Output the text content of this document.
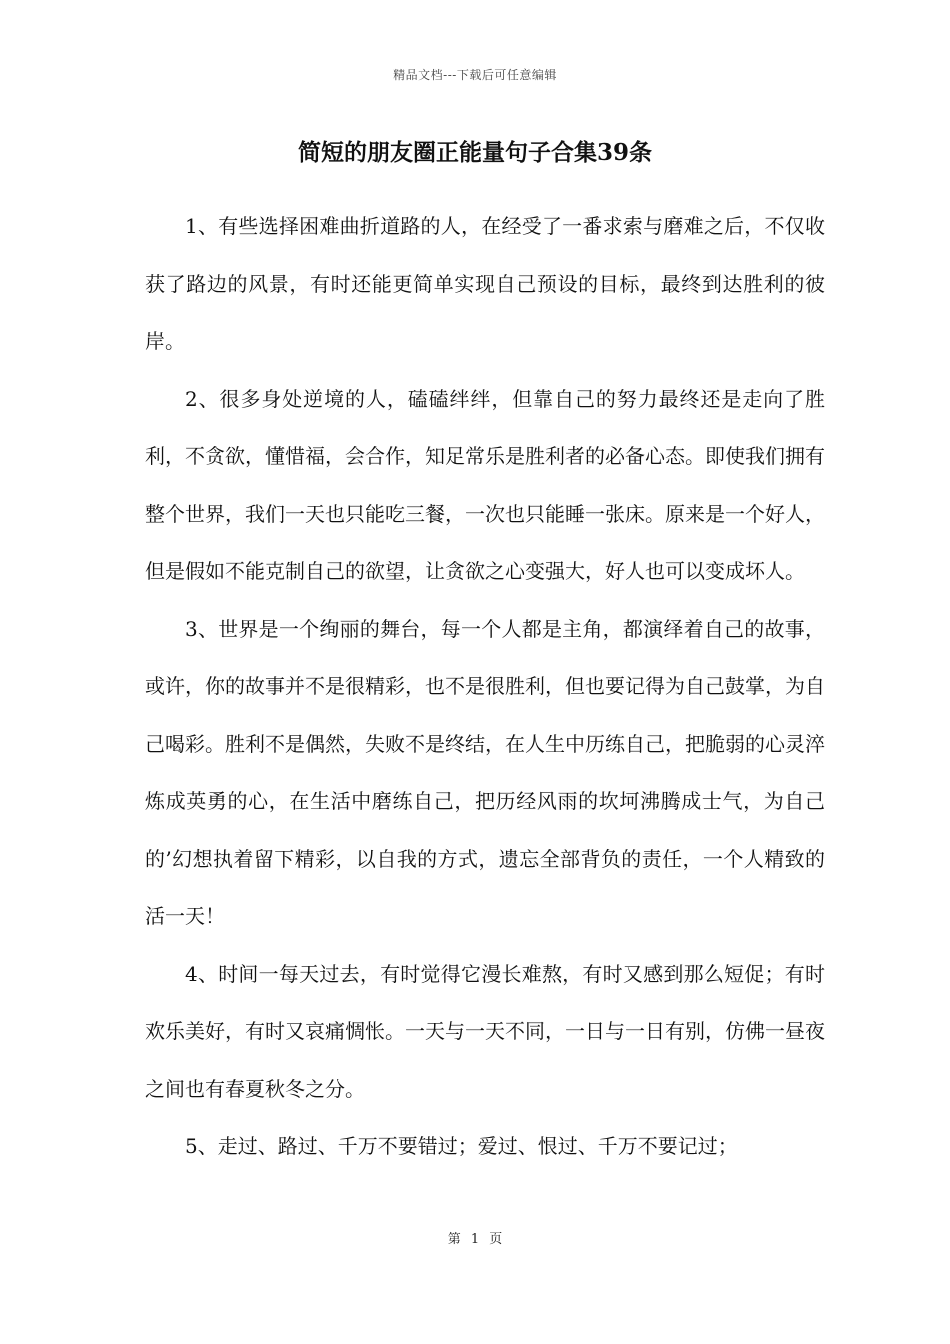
精品文档---下载后可任意编辑
简短的朋友圈正能量句子合集39条

1、有些选择困难曲折道路的人，在经受了一番求索与磨难之后，不仅收获了路边的风景，有时还能更简单实现自己预设的目标，最终到达胜利的彼岸。

2、很多身处逆境的人，磕磕绊绊，但靠自己的努力最终还是走向了胜利，不贪欲，懂惜福，会合作，知足常乐是胜利者的必备心态。即使我们拥有整个世界，我们一天也只能吃三餐，一次也只能睡一张床。原来是一个好人，但是假如不能克制自己的欲望，让贪欲之心变强大，好人也可以变成坏人。

3、世界是一个绚丽的舞台，每一个人都是主角，都演绎着自己的故事，或许，你的故事并不是很精彩，也不是很胜利，但也要记得为自己鼓掌，为自己喝彩。胜利不是偶然，失败不是终结，在人生中历练自己，把脆弱的心灵淬炼成英勇的心，在生活中磨练自己，把历经风雨的坎坷沸腾成士气，为自己的’幻想执着留下精彩，以自我的方式，遗忘全部背负的责任，一个人精致的活一天！

4、时间一每天过去，有时觉得它漫长难熬，有时又感到那么短促；有时欢乐美好，有时又哀痛惆怅。一天与一天不同，一日与一日有别，仿佛一昼夜之间也有春夏秋冬之分。

5、走过、路过、千万不要错过；爱过、恨过、千万不要记过；

第 1 页
